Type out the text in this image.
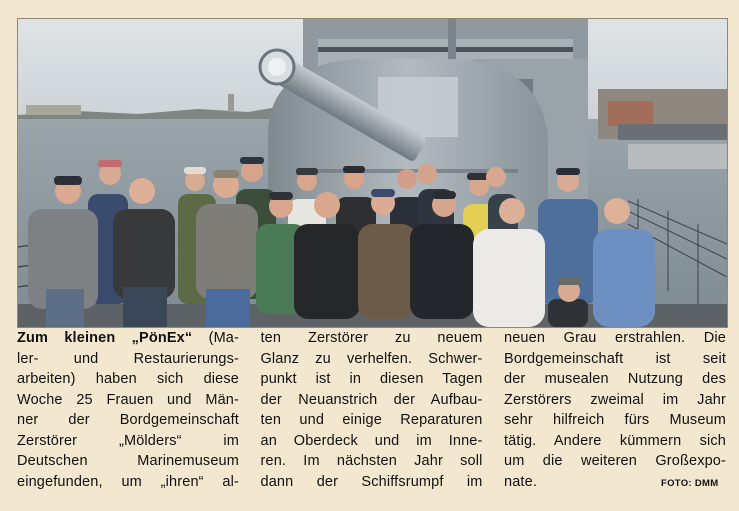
Zum kleinen „PönEx“ (Ma-
ler- und Restaurierungs-
arbeiten) haben sich diese
Woche 25 Frauen und Män-
ner der Bordgemeinschaft
Zerstörer „Mölders“ im
Deutschen Marinemuseum
eingefunden, um „ihren“ al-
ten Zerstörer zu neuem
Glanz zu verhelfen. Schwer-
punkt ist in diesen Tagen
der Neuanstrich der Aufbau-
ten und einige Reparaturen
an Oberdeck und im Inne-
ren. Im nächsten Jahr soll
dann der Schiffsrumpf im
neuen Grau erstrahlen. Die
Bordgemeinschaft ist seit
der musealen Nutzung des
Zerstörers zweimal im Jahr
sehr hilfreich fürs Museum
tätig. Andere kümmern sich
um die weiteren Großexpo-
nate.	FOTO: DMM
